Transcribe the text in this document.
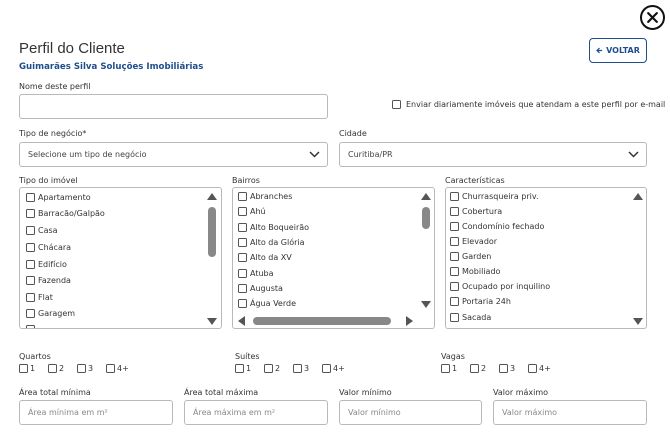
Perfil do Cliente
Guimarães Silva Soluções Imobiliárias
VOLTAR
Nome deste perfil
Enviar diariamente imóveis que atendam a este perfil por e-mail
Tipo de negócio*
Selecione um tipo de negócio
Cidade
Curitiba/PR
Tipo do imóvel
Apartamento
Barracão/Galpão
Casa
Chácara
Edifício
Fazenda
Flat
Garagem
Bairros
Abranches
Ahú
Alto Boqueirão
Alto da Glória
Alto da XV
Atuba
Augusta
Água Verde
Características
Churrasqueira priv.
Cobertura
Condomínio fechado
Elevador
Garden
Mobiliado
Ocupado por inquilino
Portaria 24h
Sacada
Quartos
1	2	3	4+
Suítes
1	2	3	4+
Vagas
1	2	3	4+
Área total mínima
Área mínima em m²
Área total máxima
Área máxima em m²
Valor mínimo
Valor mínimo
Valor máximo
Valor máximo
